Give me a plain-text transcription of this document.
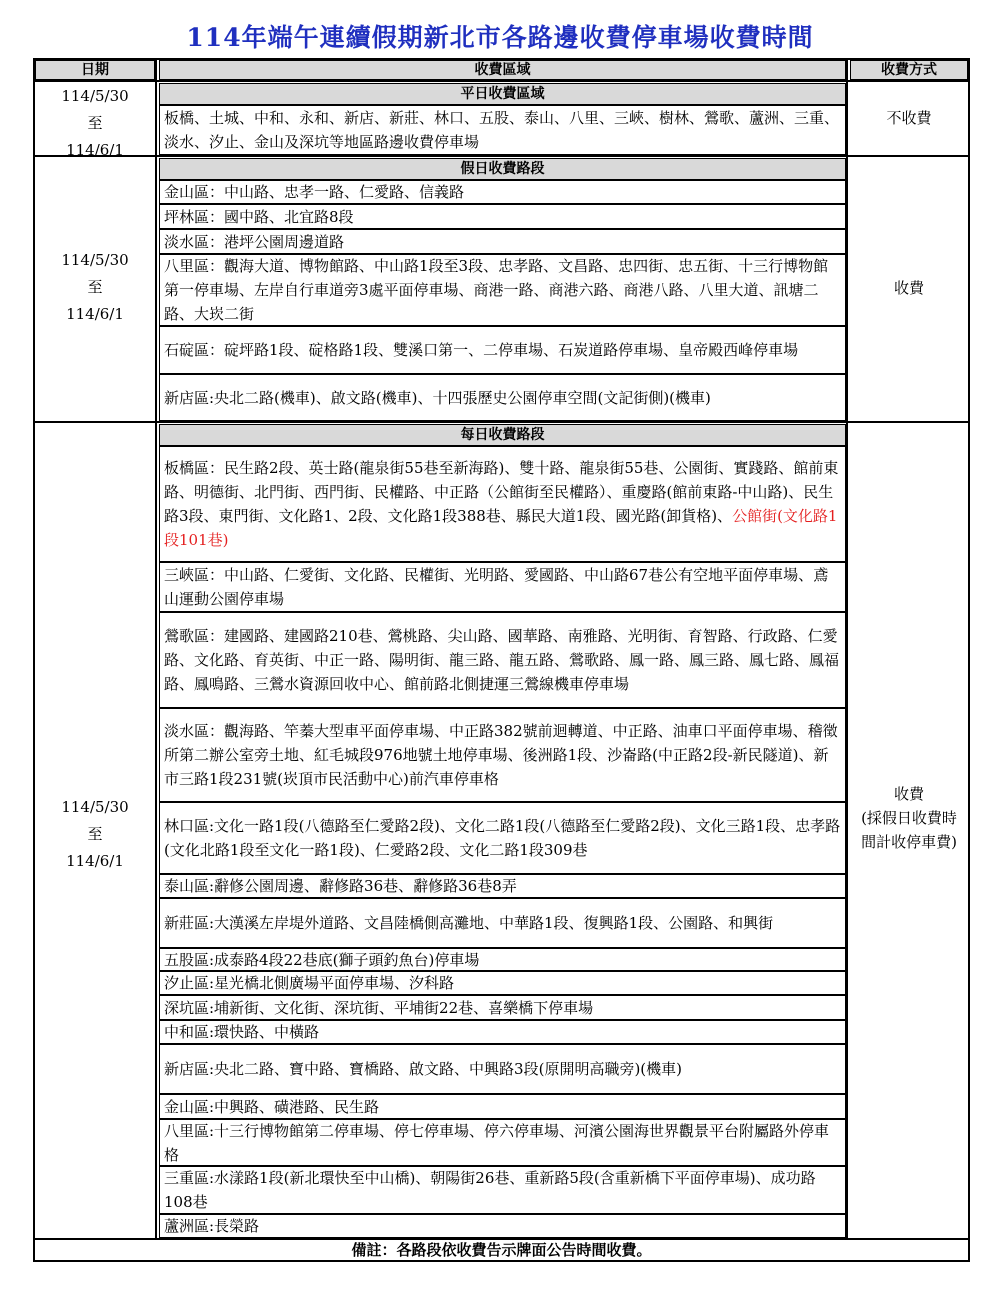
114年端午連續假期新北市各路邊收費停車場收費時間
日期	收費區域	收費方式
114/5/30
至
114/6/1
平日收費區域
板橋、土城、中和、永和、新店、新莊、林口、五股、泰山、八里、三峽、樹林、鶯歌、蘆洲、三重、淡水、汐止、金山及深坑等地區路邊收費停車場
不收費
114/5/30
至
114/6/1
假日收費路段
金山區：中山路、忠孝一路、仁愛路、信義路
坪林區：國中路、北宜路8段
淡水區：港坪公園周邊道路
八里區：觀海大道、博物館路、中山路1段至3段、忠孝路、文昌路、忠四街、忠五街、十三行博物館第一停車場、左岸自行車道旁3處平面停車場、商港一路、商港六路、商港八路、八里大道、訊塘二路、大崁二街
石碇區：碇坪路1段、碇格路1段、雙溪口第一、二停車場、石炭道路停車場、皇帝殿西峰停車場
新店區:央北二路(機車)、啟文路(機車)、十四張歷史公園停車空間(文記街側)(機車)
收費
114/5/30
至
114/6/1
每日收費路段
板橋區：民生路2段、英士路(龍泉街55巷至新海路)、雙十路、龍泉街55巷、公園街、實踐路、館前東路、明德街、北門街、西門街、民權路、中正路（公館街至民權路）、重慶路(館前東路-中山路)、民生路3段、東門街、文化路1、2段、文化路1段388巷、縣民大道1段、國光路(卸貨格)、公館街(文化路1段101巷)
三峽區：中山路、仁愛街、文化路、民權街、光明路、愛國路、中山路67巷公有空地平面停車場、鳶山運動公園停車場
鶯歌區：建國路、建國路210巷、鶯桃路、尖山路、國華路、南雅路、光明街、育智路、行政路、仁愛路、文化路、育英街、中正一路、陽明街、龍三路、龍五路、鶯歌路、鳳一路、鳳三路、鳳七路、鳳福路、鳳鳴路、三鶯水資源回收中心、館前路北側捷運三鶯線機車停車場
淡水區：觀海路、竿蓁大型車平面停車場、中正路382號前迴轉道、中正路、油車口平面停車場、稽徵所第二辦公室旁土地、紅毛城段976地號土地停車場、後洲路1段、沙崙路(中正路2段-新民隧道)、新市三路1段231號(崁頂市民活動中心)前汽車停車格
林口區:文化一路1段(八德路至仁愛路2段)、文化二路1段(八德路至仁愛路2段)、文化三路1段、忠孝路(文化北路1段至文化一路1段)、仁愛路2段、文化二路1段309巷
泰山區:辭修公園周邊、辭修路36巷、辭修路36巷8弄
新莊區:大漢溪左岸堤外道路、文昌陸橋側高灘地、中華路1段、復興路1段、公園路、和興街
五股區:成泰路4段22巷底(獅子頭釣魚台)停車場
汐止區:星光橋北側廣場平面停車場、汐科路
深坑區:埔新街、文化街、深坑街、平埔街22巷、喜樂橋下停車場
中和區:環快路、中橫路
新店區:央北二路、寶中路、寶橋路、啟文路、中興路3段(原開明高職旁)(機車)
金山區:中興路、磺港路、民生路
八里區:十三行博物館第二停車場、停七停車場、停六停車場、河濱公園海世界觀景平台附屬路外停車格
三重區:水漾路1段(新北環快至中山橋)、朝陽街26巷、重新路5段(含重新橋下平面停車場)、成功路108巷
蘆洲區:長榮路
收費
(採假日收費時間計收停車費)
備註：各路段依收費告示牌面公告時間收費。
